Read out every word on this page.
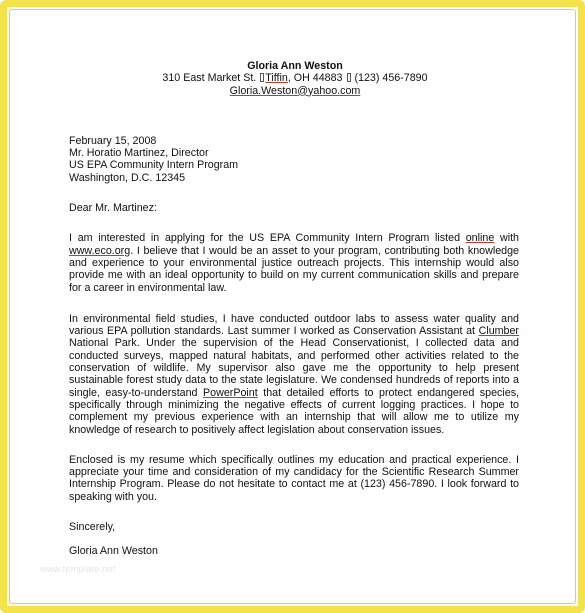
Gloria Ann Weston
310 East Market St. Tiffin, OH 44883 (123) 456-7890
Gloria.Weston@yahoo.com
February 15, 2008
Mr. Horatio Martinez, Director
US EPA Community Intern Program
Washington, D.C. 12345
Dear Mr. Martinez:
I am interested in applying for the US EPA Community Intern Program listed online with www.eco.org. I believe that I would be an asset to your program, contributing both knowledge and experience to your environmental justice outreach projects. This internship would also provide me with an ideal opportunity to build on my current communication skills and prepare for a career in environmental law.
In environmental field studies, I have conducted outdoor labs to assess water quality and various EPA pollution standards. Last summer I worked as Conservation Assistant at Clumber National Park. Under the supervision of the Head Conservationist, I collected data and conducted surveys, mapped natural habitats, and performed other activities related to the conservation of wildlife. My supervisor also gave me the opportunity to help present sustainable forest study data to the state legislature. We condensed hundreds of reports into a single, easy-to-understand PowerPoint that detailed efforts to protect endangered species, specifically through minimizing the negative effects of current logging practices. I hope to complement my previous experience with an internship that will allow me to utilize my knowledge of research to positively affect legislation about conservation issues.
Enclosed is my resume which specifically outlines my education and practical experience. I appreciate your time and consideration of my candidacy for the Scientific Research Summer Internship Program. Please do not hesitate to contact me at (123) 456-7890. I look forward to speaking with you.
Sincerely,
Gloria Ann Weston
www.template.net
